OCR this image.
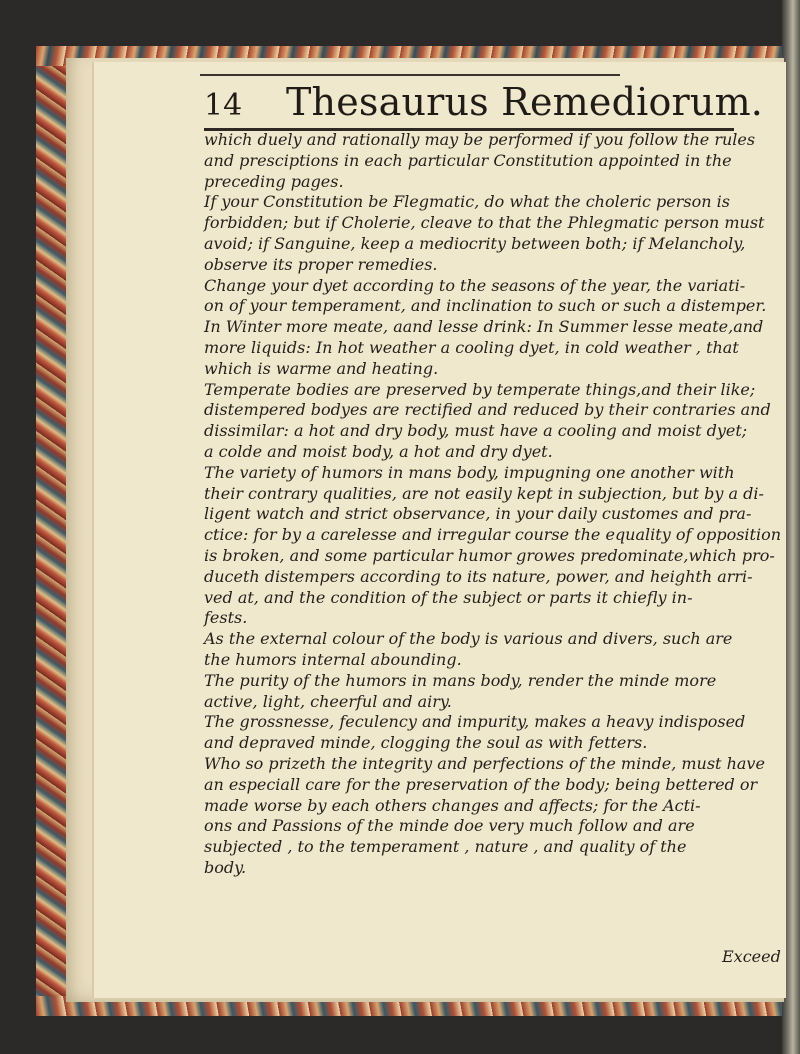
14 Thesaurus Remediorum.
which duely and rationally may be performed if you follow the rules
and presciptions in each particular Constitution appointed in the
preceding pages.
If your Constitution be Flegmatic, do what the choleric person is
forbidden; but if Cholerie, cleave to that the Phlegmatic person must
avoid; if Sanguine, keep a mediocrity between both; if Melancholy,
observe its proper remedies.
Change your dyet according to the seasons of the year, the variati-
on of your temperament, and inclination to such or such a distemper.
In Winter more meate, aand lesse drink: In Summer lesse meate,and
more liquids: In hot weather a cooling dyet, in cold weather , that
which is warme and heating.
Temperate bodies are preserved by temperate things,and their like;
distempered bodyes are rectified and reduced by their contraries and
dissimilar: a hot and dry body, must have a cooling and moist dyet;
a colde and moist body, a hot and dry dyet.
The variety of humors in mans body, impugning one another with
their contrary qualities, are not easily kept in subjection, but by a di-
ligent watch and strict observance, in your daily customes and pra-
ctice: for by a carelesse and irregular course the equality of opposition
is broken, and some particular humor growes predominate,which pro-
duceth distempers according to its nature, power, and heighth arri-
ved at, and the condition of the subject or parts it chiefly in-
fests.
As the external colour of the body is various and divers, such are
the humors internal abounding.
The purity of the humors in mans body, render the minde more
active, light, cheerful and airy.
The grossnesse, feculency and impurity, makes a heavy indisposed
and depraved minde, clogging the soul as with fetters.
Who so prizeth the integrity and perfections of the minde, must have
an especiall care for the preservation of the body; being bettered or
made worse by each others changes and affects; for the Acti-
ons and Passions of the minde doe very much follow and are
subjected , to the temperament , nature , and quality of the
body.
Exceed
